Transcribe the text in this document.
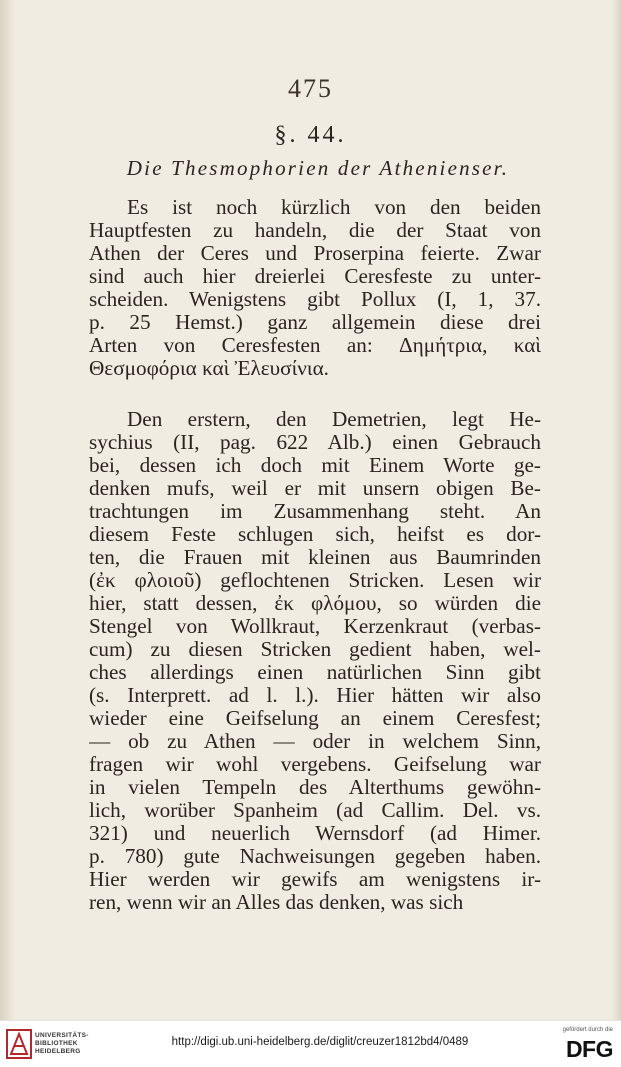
475
§. 44.
Die Thesmophorien der Athenienser.
Es ist noch kürzlich von den beiden
Hauptfesten zu handeln, die der Staat von
Athen der Ceres und Proserpina feierte. Zwar
sind auch hier dreierlei Ceresfeste zu unter-
scheiden. Wenigstens gibt Pollux (I, 1, 37.
p. 25 Hemst.) ganz allgemein diese drei
Arten von Ceresfesten an: Δημήτρια, καὶ
Θεσμοφόρια καὶ Ἐλευσίνια.
Den erstern, den Demetrien, legt He-
sychius (II, pag. 622 Alb.) einen Gebrauch
bei, dessen ich doch mit Einem Worte ge-
denken mufs, weil er mit unsern obigen Be-
trachtungen im Zusammenhang steht. An
diesem Feste schlugen sich, heifst es dor-
ten, die Frauen mit kleinen aus Baumrinden
(ἐκ φλοιοῦ) geflochtenen Stricken. Lesen wir
hier, statt dessen, ἐκ φλόμου, so würden die
Stengel von Wollkraut, Kerzenkraut (verbas-
cum) zu diesen Stricken gedient haben, wel-
ches allerdings einen natürlichen Sinn gibt
(s. Interprett. ad l. l.). Hier hätten wir also
wieder eine Geifselung an einem Ceresfest;
— ob zu Athen — oder in welchem Sinn,
fragen wir wohl vergebens. Geifselung war
in vielen Tempeln des Alterthums gewöhn-
lich, worüber Spanheim (ad Callim. Del. vs.
321) und neuerlich Wernsdorf (ad Himer.
p. 780) gute Nachweisungen gegeben haben.
Hier werden wir gewifs am wenigstens ir-
ren, wenn wir an Alles das denken, was sich
UNIVERSITÄTS-
BIBLIOTHEK
HEIDELBERG
http://digi.ub.uni-heidelberg.de/diglit/creuzer1812bd4/0489
gefördert durch die
DFG
